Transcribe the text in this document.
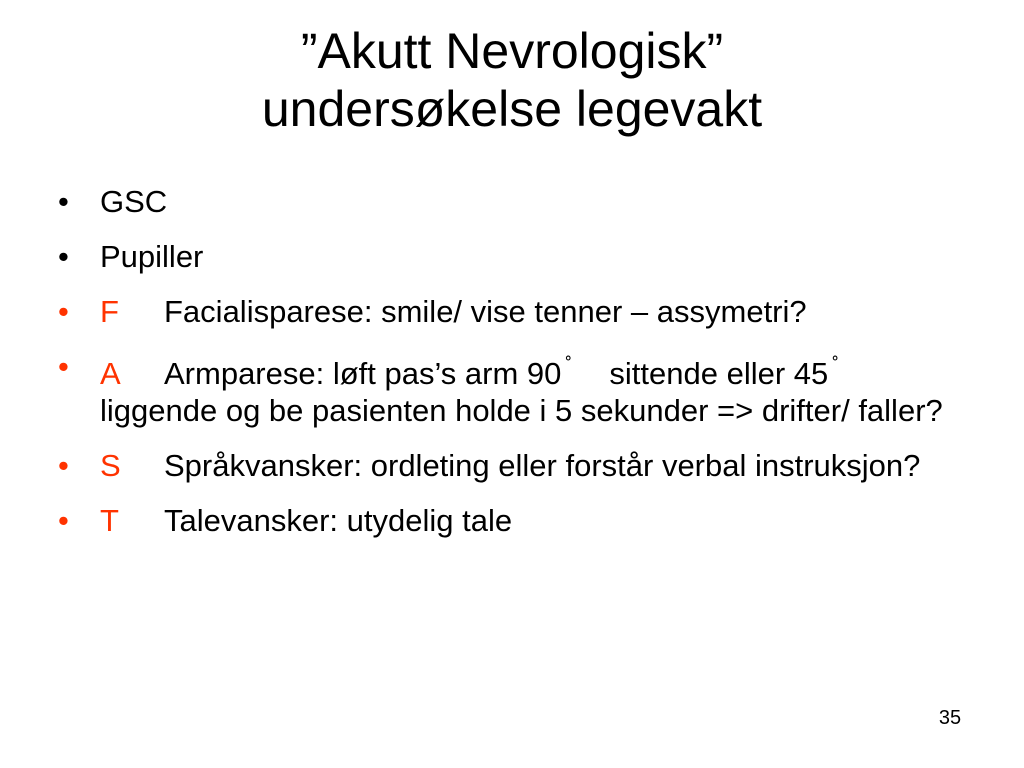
”Akutt Nevrologisk”
undersøkelse legevakt
•	GSC
•	Pupiller
•	F Facialisparese: smile/ vise tenner – assymetri?
•	A Armparese: løft pas’s arm 90 ˚ sittende eller 45 ˚liggende og be pasienten holde i 5 sekunder => drifter/ faller?
•	S Språkvansker: ordleting eller forstår verbal instruksjon?
•	T Talevansker: utydelig tale
35
